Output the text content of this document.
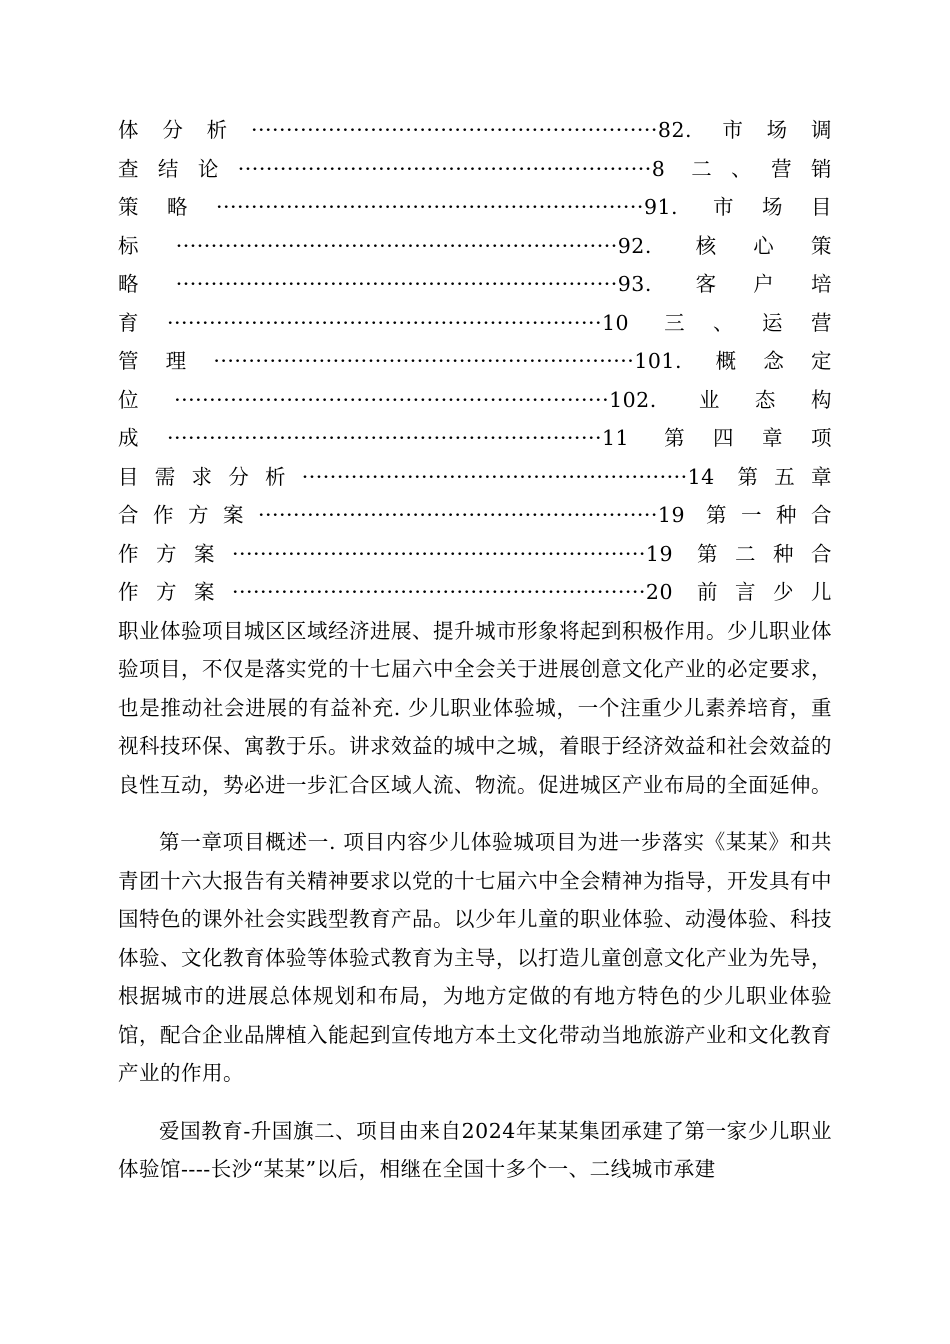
体分析··························································82. 市场调
查结论···························································8 二、营销
策略·····························································91. 市场目
标·······························································92. 核心策
略·······························································93. 客户培
育······························································10 三、运营
管理····························································101. 概念定
位······························································102. 业态构
成······························································11 第四章项
目需求分析·······················································14 第五章
合作方案·························································19 第一种合
作方案···························································19 第二种合
作方案···························································20 前言少儿

职业体验项目城区区域经济进展、提升城市形象将起到积极作用。少儿职业体验项目，不仅是落实党的十七届六中全会关于进展创意文化产业的必定要求，也是推动社会进展的有益补充. 少儿职业体验城，一个注重少儿素养培育，重视科技环保、寓教于乐。讲求效益的城中之城，着眼于经济效益和社会效益的良性互动，势必进一步汇合区域人流、物流。促进城区产业布局的全面延伸。

第一章项目概述一. 项目内容少儿体验城项目为进一步落实《某某》和共青团十六大报告有关精神要求以党的十七届六中全会精神为指导，开发具有中国特色的课外社会实践型教育产品。以少年儿童的职业体验、动漫体验、科技体验、文化教育体验等体验式教育为主导，以打造儿童创意文化产业为先导，根据城市的进展总体规划和布局，为地方定做的有地方特色的少儿职业体验馆，配合企业品牌植入能起到宣传地方本土文化带动当地旅游产业和文化教育产业的作用。

爱国教育-升国旗二、项目由来自2024年某某集团承建了第一家少儿职业体验馆----长沙“某某”以后，相继在全国十多个一、二线城市承建
